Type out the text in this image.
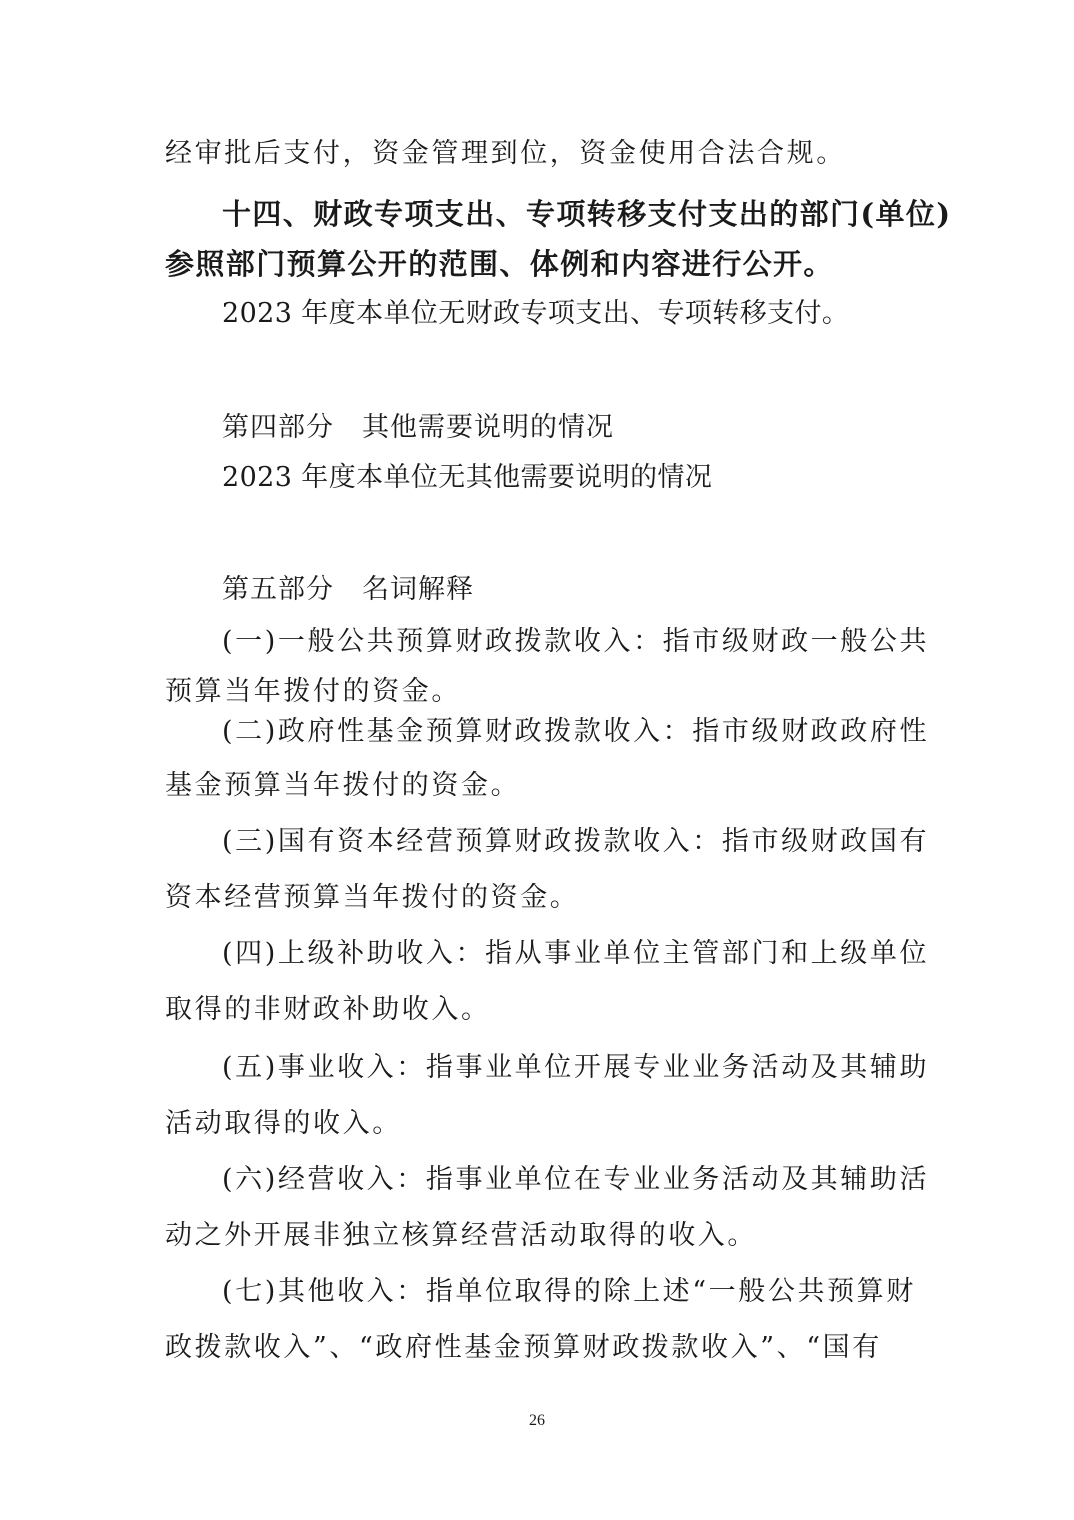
经审批后支付，资金管理到位，资金使用合法合规。
十四、财政专项支出、专项转移支付支出的部门(单位)
参照部门预算公开的范围、体例和内容进行公开。
2023 年度本单位无财政专项支出、专项转移支付。
第四部分　其他需要说明的情况
2023 年度本单位无其他需要说明的情况
第五部分　名词解释
(一)一般公共预算财政拨款收入：指市级财政一般公共
预算当年拨付的资金。
(二)政府性基金预算财政拨款收入：指市级财政政府性
基金预算当年拨付的资金。
(三)国有资本经营预算财政拨款收入：指市级财政国有
资本经营预算当年拨付的资金。
(四)上级补助收入：指从事业单位主管部门和上级单位
取得的非财政补助收入。
(五)事业收入：指事业单位开展专业业务活动及其辅助
活动取得的收入。
(六)经营收入：指事业单位在专业业务活动及其辅助活
动之外开展非独立核算经营活动取得的收入。
(七)其他收入：指单位取得的除上述“一般公共预算财
政拨款收入”、“政府性基金预算财政拨款收入”、“国有
26
